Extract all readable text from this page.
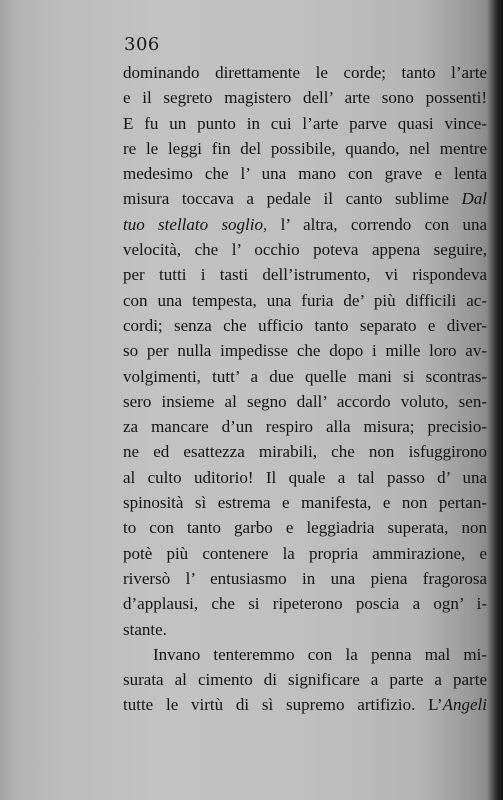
306
dominando direttamente le corde; tanto l’arte
e il segreto magistero dell’ arte sono possenti!
E fu un punto in cui l’arte parve quasi vince-
re le leggi fin del possibile, quando, nel mentre
medesimo che l’ una mano con grave e lenta
misura toccava a pedale il canto sublime Dal
tuo stellato soglio, l’ altra, correndo con una
velocità, che l’ occhio poteva appena seguire,
per tutti i tasti dell’istrumento, vi rispondeva
con una tempesta, una furia de’ più difficili ac-
cordi; senza che ufficio tanto separato e diver-
so per nulla impedisse che dopo i mille loro av-
volgimenti, tutt’ a due quelle mani si scontras-
sero insieme al segno dall’ accordo voluto, sen-
za mancare d’un respiro alla misura; precisio-
ne ed esattezza mirabili, che non isfuggirono
al culto uditorio! Il quale a tal passo d’ una
spinosità sì estrema e manifesta, e non pertan-
to con tanto garbo e leggiadria superata, non
potè più contenere la propria ammirazione, e
riversò l’ entusiasmo in una piena fragorosa
d’applausi, che si ripeterono poscia a ogn’ i-
stante.
Invano tenteremmo con la penna mal mi-
surata al cimento di significare a parte a parte
tutte le virtù di sì supremo artifizio. L’Angeli
